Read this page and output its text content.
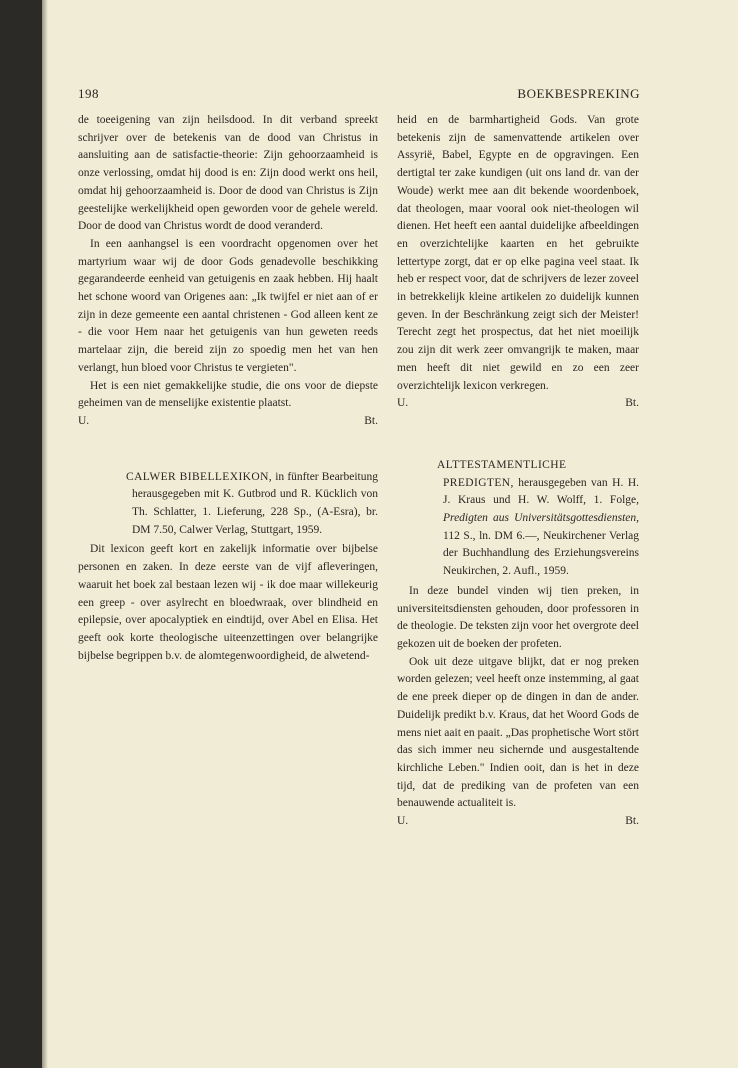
198	BOEKBESPREKING

de toeeigening van zijn heilsdood. In dit verband spreekt schrijver over de betekenis van de dood van Christus in aansluiting aan de satisfactie-theorie: Zijn gehoorzaamheid is onze verlossing, omdat hij dood is en: Zijn dood werkt ons heil, omdat hij gehoorzaamheid is. Door de dood van Christus is Zijn geestelijke werkelijkheid open geworden voor de gehele wereld. Door de dood van Christus wordt de dood veranderd.

In een aanhangsel is een voordracht opgenomen over het martyrium waar wij de door Gods genadevolle beschikking gegarandeerde eenheid van getuigenis en zaak hebben. Hij haalt het schone woord van Origenes aan: „Ik twijfel er niet aan of er zijn in deze gemeente een aantal christenen - God alleen kent ze - die voor Hem naar het getuigenis van hun geweten reeds martelaar zijn, die bereid zijn zo spoedig men het van hen verlangt, hun bloed voor Christus te vergieten".

Het is een niet gemakkelijke studie, die ons voor de diepste geheimen van de menselijke existentie plaatst.

U.	Bt.
CALWER BIBELLEXIKON, in fünfter Bearbeitung herausgegeben mit K. Gutbrod und R. Kücklich von Th. Schlatter, 1. Lieferung, 228 Sp., (A-Esra), br. DM 7.50, Calwer Verlag, Stuttgart, 1959.

Dit lexicon geeft kort en zakelijk informatie over bijbelse personen en zaken. In deze eerste van de vijf afleveringen, waaruit het boek zal bestaan lezen wij - ik doe maar willekeurig een greep - over asylrecht en bloedwraak, over blindheid en epilepsie, over apocalyptiek en eindtijd, over Abel en Elisa. Het geeft ook korte theologische uiteenzettingen over belangrijke bijbelse begrippen b.v. de alomtegenwoordigheid, de alwetend-

heid en de barmhartigheid Gods. Van grote betekenis zijn de samenvattende artikelen over Assyrië, Babel, Egypte en de opgravingen. Een dertigtal ter zake kundigen (uit ons land dr. van der Woude) werkt mee aan dit bekende woordenboek, dat theologen, maar vooral ook niet-theologen wil dienen. Het heeft een aantal duidelijke afbeeldingen en overzichtelijke kaarten en het gebruikte lettertype zorgt, dat er op elke pagina veel staat. Ik heb er respect voor, dat de schrijvers de lezer zoveel in betrekkelijk kleine artikelen zo duidelijk kunnen geven. In der Beschränkung zeigt sich der Meister! Terecht zegt het prospectus, dat het niet moeilijk zou zijn dit werk zeer omvangrijk te maken, maar men heeft dit niet gewild en zo een zeer overzichtelijk lexicon verkregen.

U.	Bt.
ALTTESTAMENTLICHE PREDIGTEN, herausgegeben van H. H. J. Kraus und H. W. Wolff, 1. Folge, Predigten aus Universitätsgottesdiensten, 112 S., ln. DM 6.—, Neukirchener Verlag der Buchhandlung des Erziehungsvereins Neukirchen, 2. Aufl., 1959.

In deze bundel vinden wij tien preken, in universiteitsdiensten gehouden, door professoren in de theologie. De teksten zijn voor het overgrote deel gekozen uit de boeken der profeten.

Ook uit deze uitgave blijkt, dat er nog preken worden gelezen; veel heeft onze instemming, al gaat de ene preek dieper op de dingen in dan de ander. Duidelijk predikt b.v. Kraus, dat het Woord Gods de mens niet aait en paait. „Das prophetische Wort stört das sich immer neu sichernde und ausgestaltende kirchliche Leben." Indien ooit, dan is het in deze tijd, dat de prediking van de profeten van een benauwende actualiteit is.

U.	Bt.
